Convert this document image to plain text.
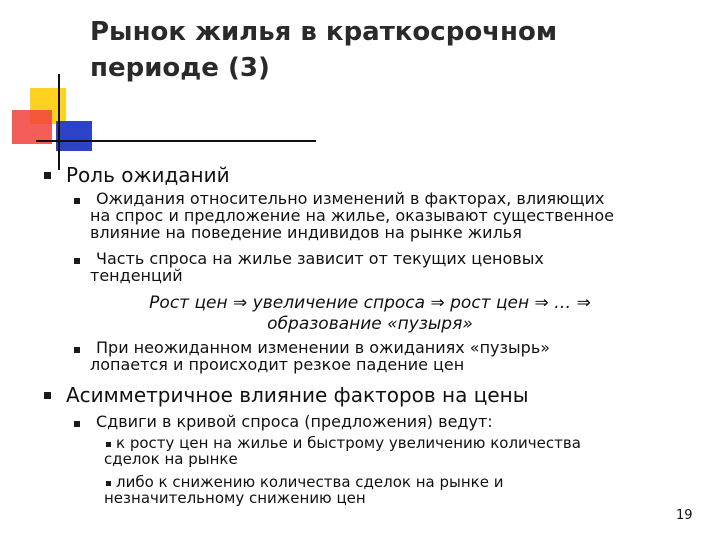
Рынок жилья в краткосрочном периоде (3)
Роль ожиданий
Ожидания относительно изменений в факторах, влияющих
на спрос и предложение на жилье, оказывают существенное
влияние на поведение индивидов на рынке жилья
Часть спроса на жилье зависит от текущих ценовых
тенденций
Рост цен ⇒ увеличение спроса ⇒ рост цен ⇒ … ⇒
образование «пузыря»
При неожиданном изменении в ожиданиях «пузырь»
лопается и происходит резкое падение цен
Асимметричное влияние факторов на цены
Сдвиги в кривой спроса (предложения) ведут:
к росту цен на жилье и быстрому увеличению количества
сделок на рынке
либо к снижению количества сделок на рынке и
незначительному снижению цен
19
